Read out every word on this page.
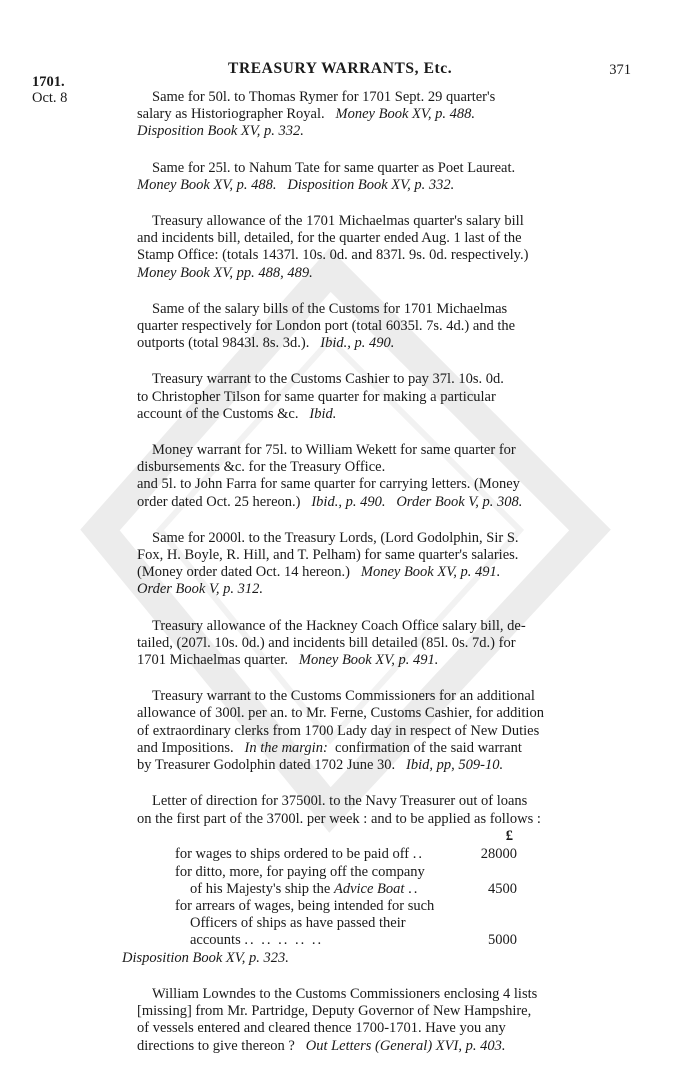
1701.
Oct. 8
TREASURY WARRANTS, Etc.	371

Same for 50l. to Thomas Rymer for 1701 Sept. 29 quarter's
salary as Historiographer Royal. Money Book XV, p. 488.
Disposition Book XV, p. 332.

Same for 25l. to Nahum Tate for same quarter as Poet Laureat.
Money Book XV, p. 488. Disposition Book XV, p. 332.

Treasury allowance of the 1701 Michaelmas quarter's salary bill
and incidents bill, detailed, for the quarter ended Aug. 1 last of the
Stamp Office: (totals 1437l. 10s. 0d. and 837l. 9s. 0d. respectively.)
Money Book XV, pp. 488, 489.

Same of the salary bills of the Customs for 1701 Michaelmas
quarter respectively for London port (total 6035l. 7s. 4d.) and the
outports (total 9843l. 8s. 3d.). Ibid., p. 490.

Treasury warrant to the Customs Cashier to pay 37l. 10s. 0d.
to Christopher Tilson for same quarter for making a particular
account of the Customs &c. Ibid.

Money warrant for 75l. to William Wekett for same quarter for
disbursements &c. for the Treasury Office.
and 5l. to John Farra for same quarter for carrying letters. (Money
order dated Oct. 25 hereon.) Ibid., p. 490. Order Book V, p. 308.

Same for 2000l. to the Treasury Lords, (Lord Godolphin, Sir S.
Fox, H. Boyle, R. Hill, and T. Pelham) for same quarter's salaries.
(Money order dated Oct. 14 hereon.) Money Book XV, p. 491.
Order Book V, p. 312.

Treasury allowance of the Hackney Coach Office salary bill, de-
tailed, (207l. 10s. 0d.) and incidents bill detailed (85l. 0s. 7d.) for
1701 Michaelmas quarter. Money Book XV, p. 491.

Treasury warrant to the Customs Commissioners for an additional
allowance of 300l. per an. to Mr. Ferne, Customs Cashier, for addition
of extraordinary clerks from 1700 Lady day in respect of New Duties
and Impositions. In the margin: confirmation of the said warrant
by Treasurer Godolphin dated 1702 June 30. Ibid, pp, 509-10.

Letter of direction for 37500l. to the Navy Treasurer out of loans
on the first part of the 3700l. per week : and to be applied as follows :

£
for wages to ships ordered to be paid off ..	28000
for ditto, more, for paying off the company
of his Majesty's ship the Advice Boat ..	4500
for arrears of wages, being intended for such
Officers of ships as have passed their
accounts .. .. .. .. ..	5000

Disposition Book XV, p. 323.

William Lowndes to the Customs Commissioners enclosing 4 lists
[missing] from Mr. Partridge, Deputy Governor of New Hampshire,
of vessels entered and cleared thence 1700-1701. Have you any
directions to give thereon ? Out Letters (General) XVI, p. 403.
